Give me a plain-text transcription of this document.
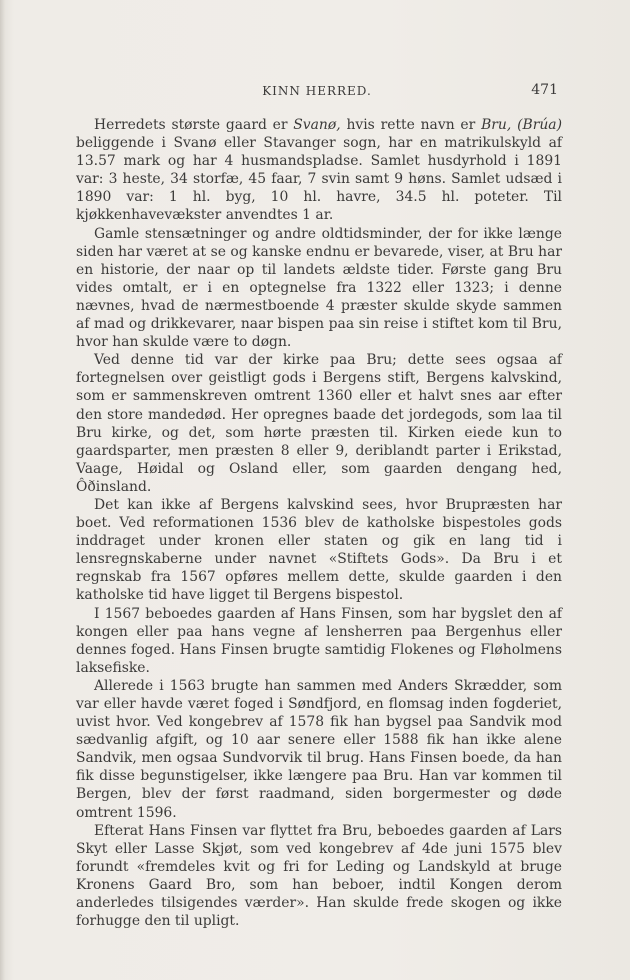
KINN HERRED.	471

Herredets største gaard er Svanø, hvis rette navn er Bru, (Brúa) beliggende i Svanø eller Stavanger sogn, har en matrikulskyld af 13.57 mark og har 4 husmandspladse. Samlet husdyrhold i 1891 var: 3 heste, 34 storfæ, 45 faar, 7 svin samt 9 høns. Samlet udsæd i 1890 var: 1 hl. byg, 10 hl. havre, 34.5 hl. poteter. Til kjøkkenhavevækster anvendtes 1 ar.

Gamle stensætninger og andre oldtidsminder, der for ikke længe siden har været at se og kanske endnu er bevarede, viser, at Bru har en historie, der naar op til landets ældste tider. Første gang Bru vides omtalt, er i en optegnelse fra 1322 eller 1323; i denne nævnes, hvad de nærmestboende 4 præster skulde skyde sammen af mad og drikkevarer, naar bispen paa sin reise i stiftet kom til Bru, hvor han skulde være to døgn.

Ved denne tid var der kirke paa Bru; dette sees ogsaa af fortegnelsen over geistligt gods i Bergens stift, Bergens kalvskind, som er sammenskreven omtrent 1360 eller et halvt snes aar efter den store mandedød. Her opregnes baade det jordegods, som laa til Bru kirke, og det, som hørte præsten til. Kirken eiede kun to gaardsparter, men præsten 8 eller 9, deriblandt parter i Erikstad, Vaage, Høidal og Osland eller, som gaarden dengang hed, Ôðinsland.

Det kan ikke af Bergens kalvskind sees, hvor Brupræsten har boet. Ved reformationen 1536 blev de katholske bispestoles gods inddraget under kronen eller staten og gik en lang tid i lensregnskaberne under navnet «Stiftets Gods». Da Bru i et regnskab fra 1567 opføres mellem dette, skulde gaarden i den katholske tid have ligget til Bergens bispestol.

I 1567 beboedes gaarden af Hans Finsen, som har bygslet den af kongen eller paa hans vegne af lensherren paa Bergenhus eller dennes foged. Hans Finsen brugte samtidig Flokenes og Fløholmens laksefiske.

Allerede i 1563 brugte han sammen med Anders Skrædder, som var eller havde været foged i Søndfjord, en flomsag inden fogderiet, uvist hvor. Ved kongebrev af 1578 fik han bygsel paa Sandvik mod sædvanlig afgift, og 10 aar senere eller 1588 fik han ikke alene Sandvik, men ogsaa Sundvorvik til brug. Hans Finsen boede, da han fik disse begunstigelser, ikke længere paa Bru. Han var kommen til Bergen, blev der først raadmand, siden borgermester og døde omtrent 1596.

Efterat Hans Finsen var flyttet fra Bru, beboedes gaarden af Lars Skyt eller Lasse Skjøt, som ved kongebrev af 4de juni 1575 blev forundt «fremdeles kvit og fri for Leding og Landskyld at bruge Kronens Gaard Bro, som han beboer, indtil Kongen derom anderledes tilsigendes værder». Han skulde frede skogen og ikke forhugge den til upligt.
